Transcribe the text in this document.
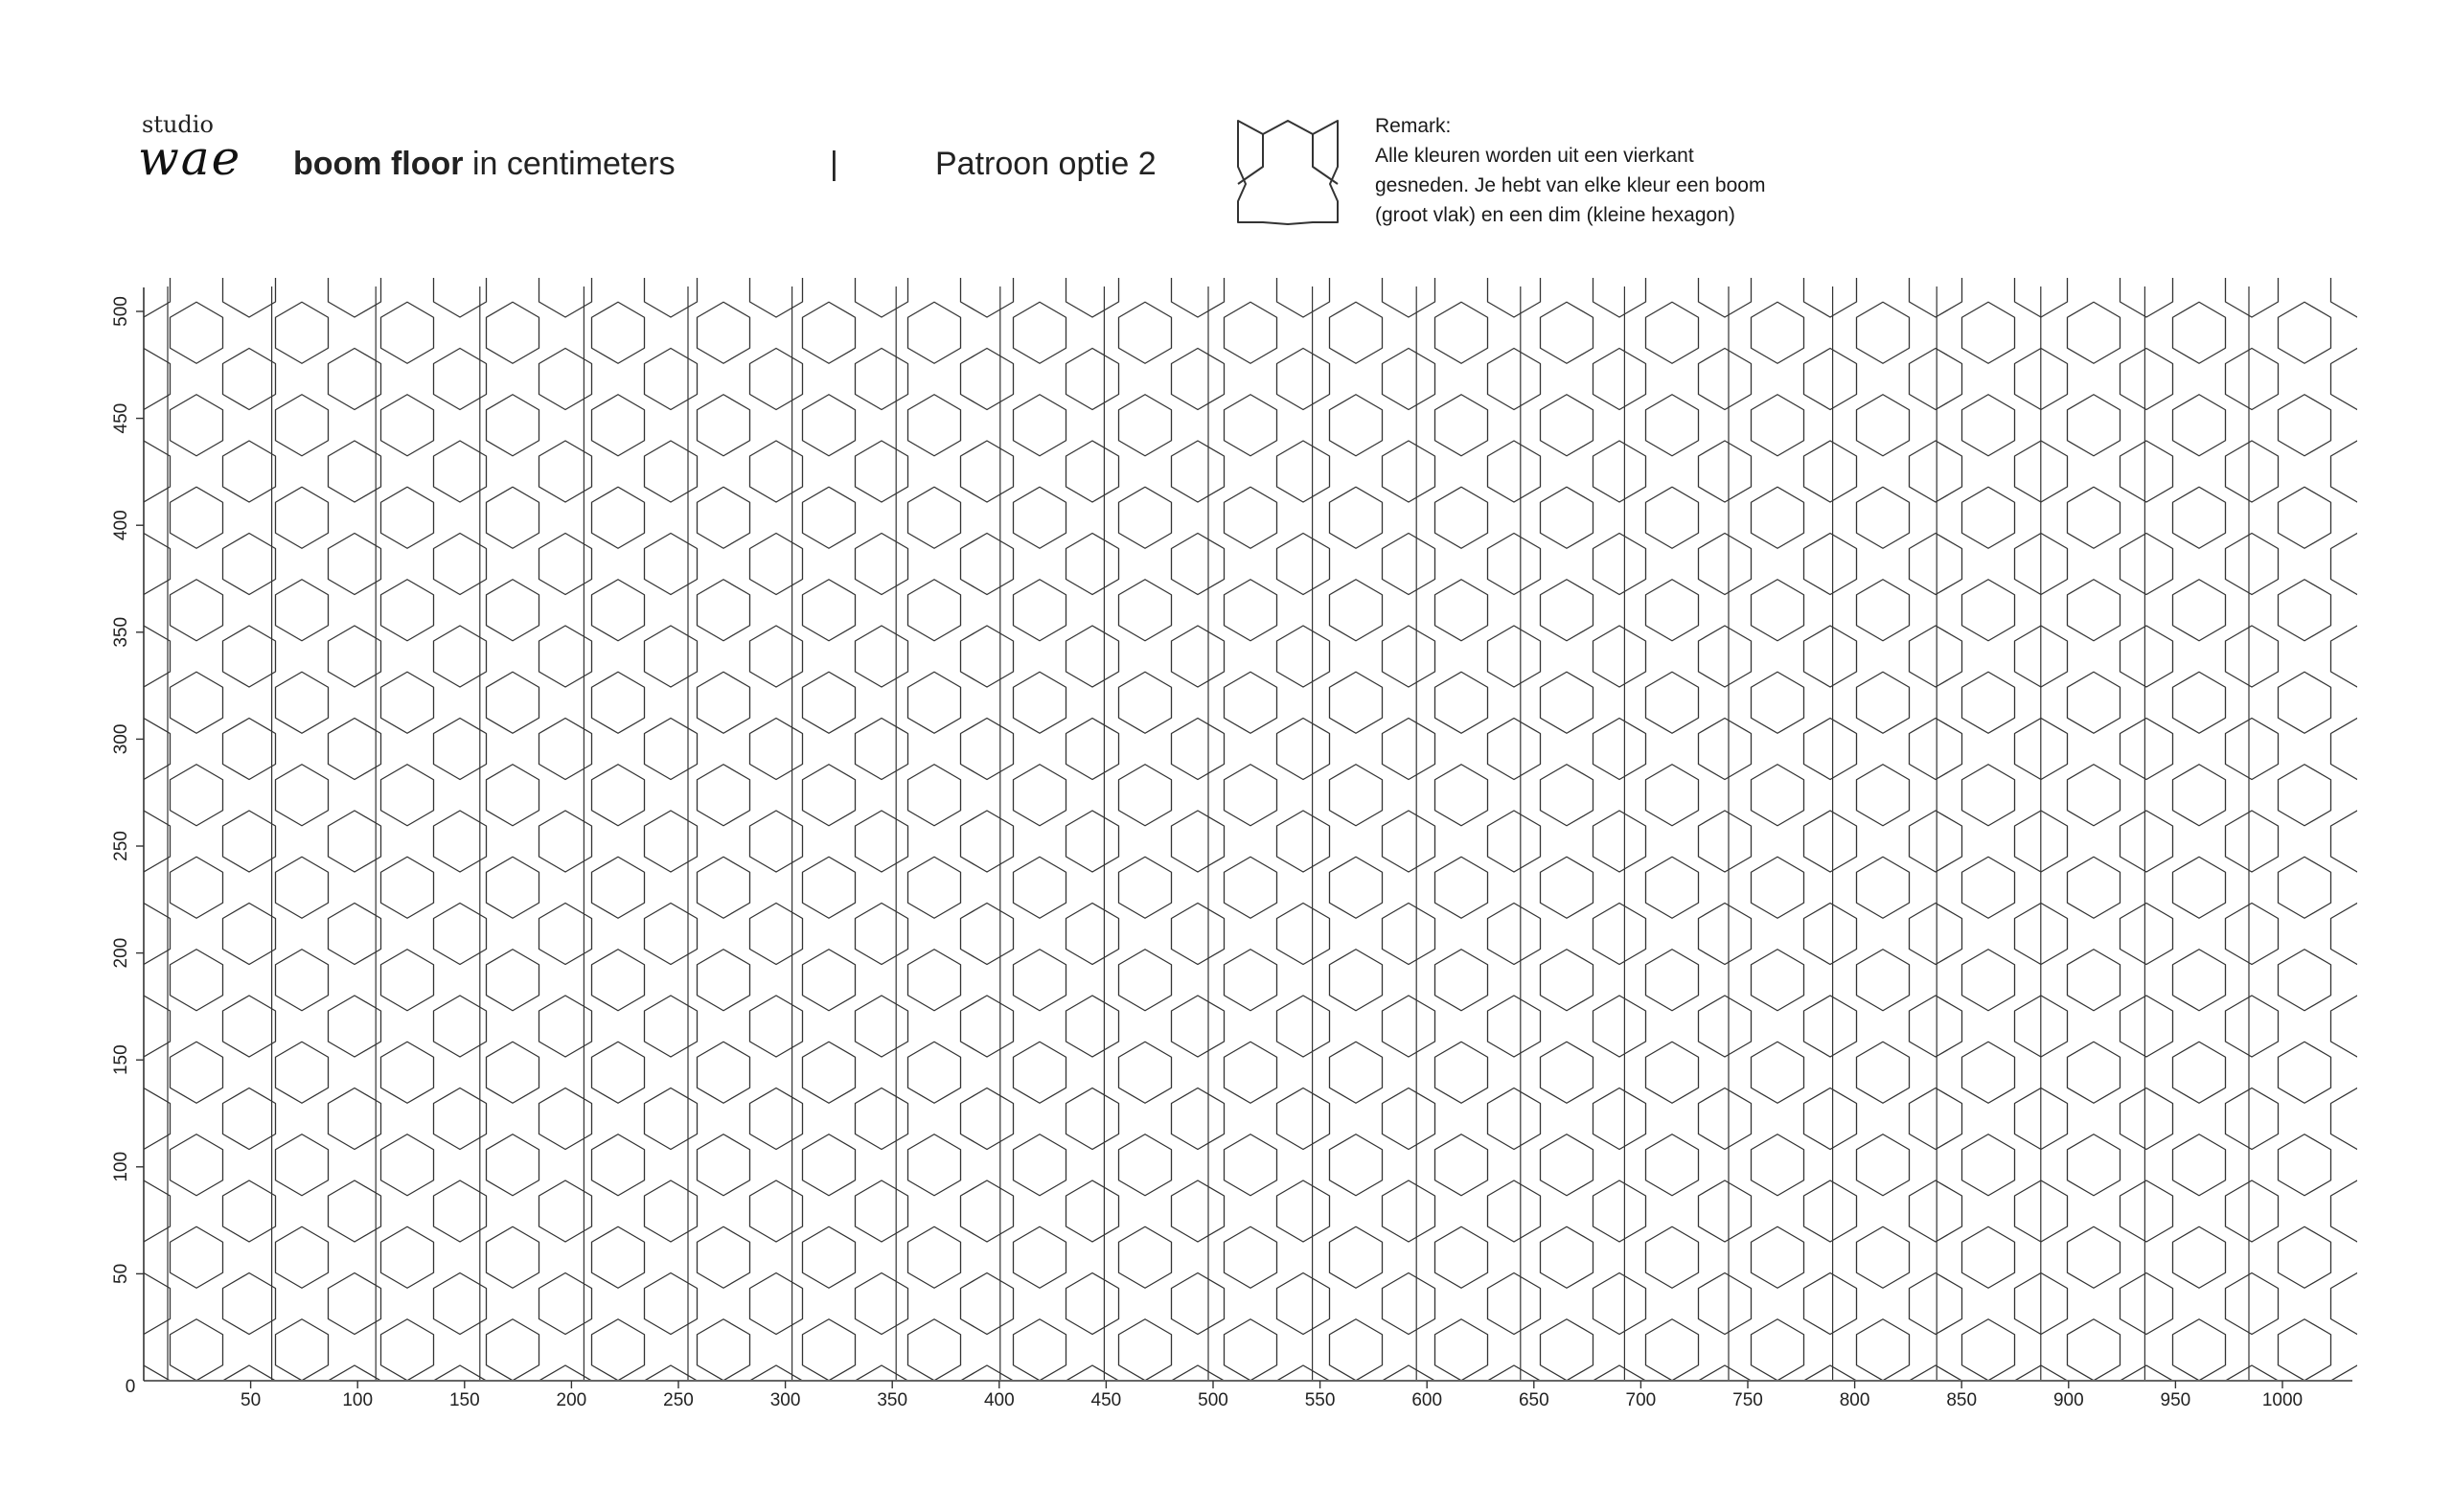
studio
wae boom floor in centimeters	|	Patroon optie 2
Remark:
Alle kleuren worden uit een vierkant
gesneden. Je hebt van elke kleur een boom
(groot vlak) en een dim (kleine hexagon)
0
50	100	150	200	250	300	350	400	450	500	550	600	650	700	750	800	850	900	950	1000
50
100
150
200
250
300
350
400
450
500
